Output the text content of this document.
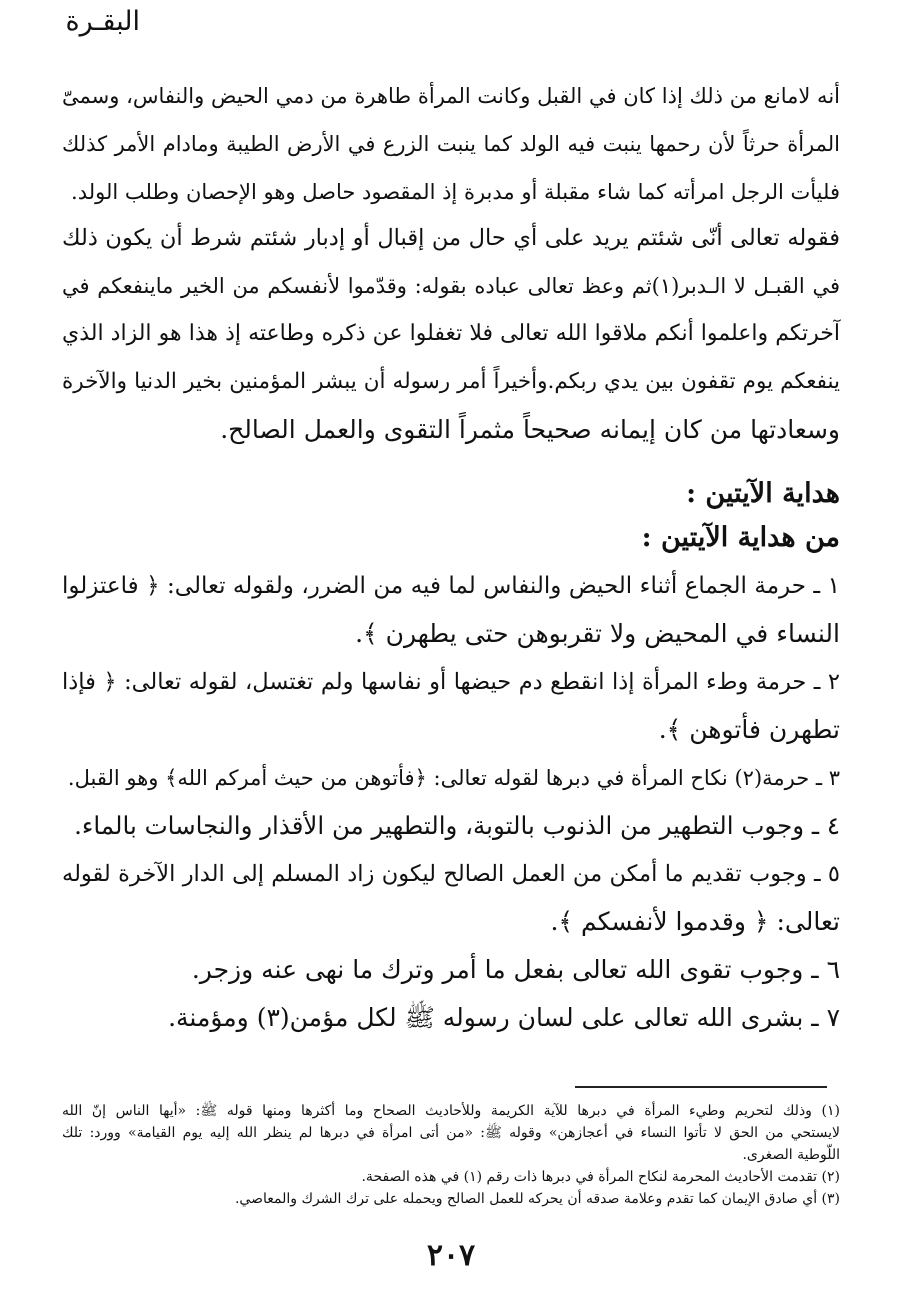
البقـرة
أنه لامانع من ذلك إذا كان في القبل وكانت المرأة طاهرة من دمي الحيض والنفاس، وسمىّ
المرأة حرثاً لأن رحمها ينبت فيه الولد كما ينبت الزرع في الأرض الطيبة ومادام الأمر كذلك
فليأت الرجل امرأته كما شاء مقبلة أو مدبرة إذ المقصود حاصل وهو الإحصان وطلب الولد.
فقوله تعالى أنّى شئتم يريد على أي حال من إقبال أو إدبار شئتم شرط أن يكون ذلك
في القبـل لا الـدبر(١)ثم وعظ تعالى عباده بقوله: وقدّموا لأنفسكم من الخير ماينفعكم في
آخرتكم واعلموا أنكم ملاقوا الله تعالى فلا تغفلوا عن ذكره وطاعته إذ هذا هو الزاد الذي
ينفعكم يوم تقفون بين يدي ربكم.وأخيراً أمر رسوله أن يبشر المؤمنين بخير الدنيا والآخرة
وسعادتها من كان إيمانه صحيحاً مثمراً التقوى والعمل الصالح.
هداية الآيتين :
من هداية الآيتين :
١ ـ حرمة الجماع أثناء الحيض والنفاس لما فيه من الضرر، ولقوله تعالى: ﴿ فاعتزلوا
النساء في المحيض ولا تقربوهن حتى يطهرن ﴾.
٢ ـ حرمة وطء المرأة إذا انقطع دم حيضها أو نفاسها ولم تغتسل، لقوله تعالى: ﴿ فإذا
تطهرن فأتوهن ﴾.
٣ ـ حرمة(٢) نكاح المرأة في دبرها لقوله تعالى: ﴿فأتوهن من حيث أمركم الله﴾ وهو القبل.
٤ ـ وجوب التطهير من الذنوب بالتوبة، والتطهير من الأقذار والنجاسات بالماء.
٥ ـ وجوب تقديم ما أمكن من العمل الصالح ليكون زاد المسلم إلى الدار الآخرة لقوله
تعالى: ﴿ وقدموا لأنفسكم ﴾.
٦ ـ وجوب تقوى الله تعالى بفعل ما أمر وترك ما نهى عنه وزجر.
٧ ـ بشرى الله تعالى على لسان رسوله ﷺ لكل مؤمن(٣) ومؤمنة.
(١) وذلك لتحريم وطيء المرأة في دبرها للآية الكريمة وللأحاديث الصحاح وما أكثرها ومنها قوله ﷺ: «أيها الناس إنّ الله
لايستحي من الحق لا تأتوا النساء في أعجازهن» وقوله ﷺ: «من أتى امرأة في دبرها لم ينظر الله إليه يوم القيامة» وورد: تلك
اللّوطية الصغرى.
(٢) تقدمت الأحاديث المحرمة لنكاح المرأة في دبرها ذات رقم (١) في هذه الصفحة.
(٣) أي صادق الإيمان كما تقدم وعلامة صدقه أن يحركه للعمل الصالح ويحمله على ترك الشرك والمعاصي.
٢٠٧
